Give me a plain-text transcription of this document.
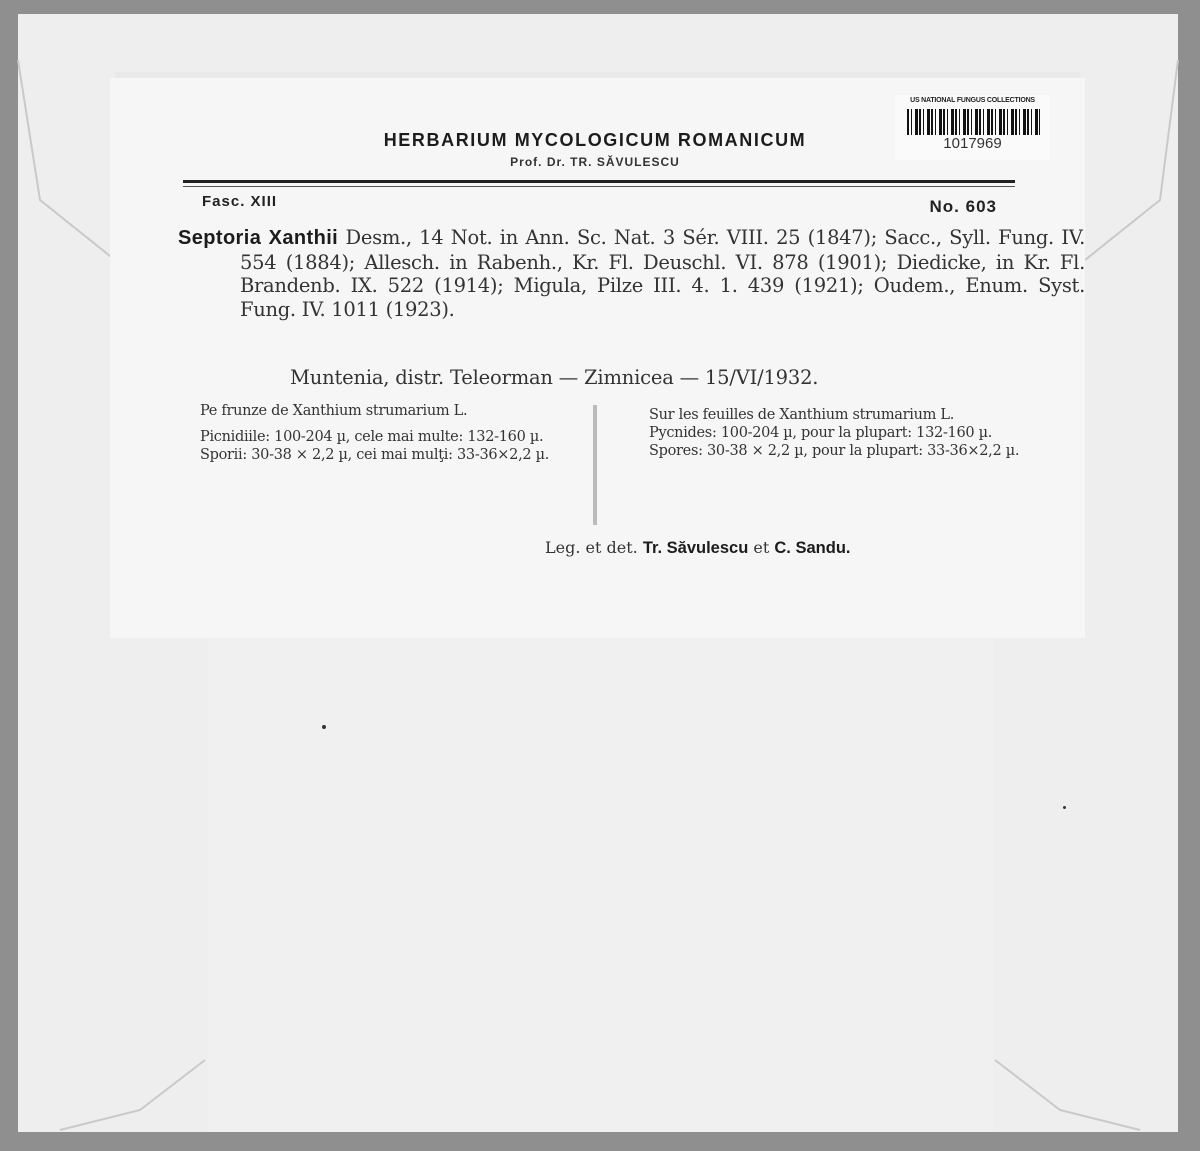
US NATIONAL FUNGUS COLLECTIONS
1017969
HERBARIUM MYCOLOGICUM ROMANICUM
Prof. Dr. TR. SĂVULESCU
Fasc. XIII	No. 603
Septoria Xanthii Desm., 14 Not. in Ann. Sc. Nat. 3 Sér. VIII. 25 (1847); Sacc., Syll. Fung. IV. 554 (1884); Allesch. in Rabenh., Kr. Fl. Deuschl. VI. 878 (1901); Diedicke, in Kr. Fl. Brandenb. IX. 522 (1914); Migula, Pilze III. 4. 1. 439 (1921); Oudem., Enum. Syst. Fung. IV. 1011 (1923).
Muntenia, distr. Teleorman — Zimnicea — 15/VI/1932.

Pe frunze de Xanthium strumarium L.

Picnidiile: 100-204 µ, cele mai multe: 132-160 µ.

Sporii: 30-38 × 2,2 µ, cei mai mulţi: 33-36×2,2 µ.

Sur les feuilles de Xanthium strumarium L.

Pycnides: 100-204 µ, pour la plupart: 132-160 µ.

Spores: 30-38 × 2,2 µ, pour la plupart: 33-36×2,2 µ.

Leg. et det. Tr. Săvulescu et C. Sandu.
